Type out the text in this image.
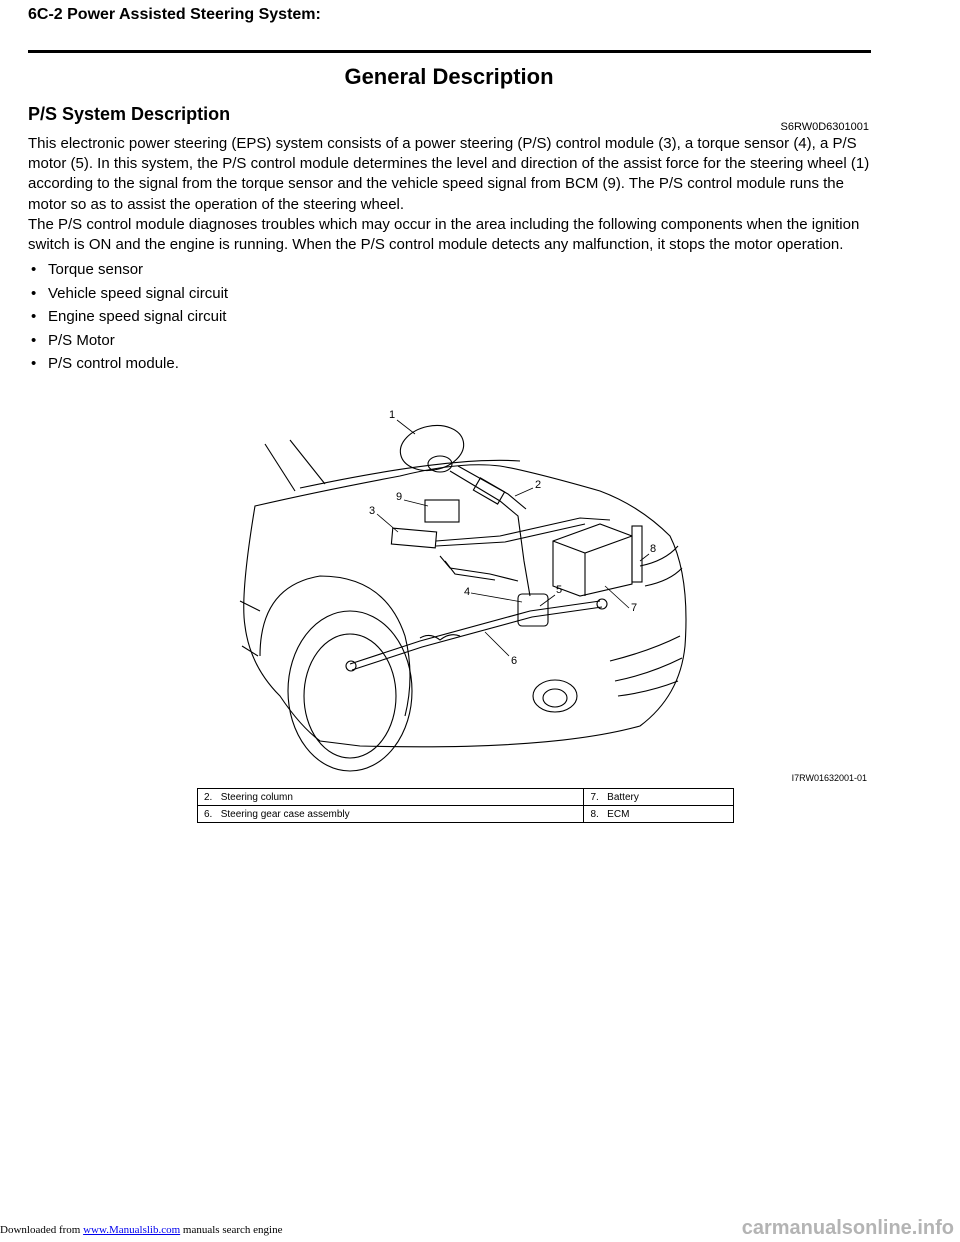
6C-2 Power Assisted Steering System:
General Description
P/S System Description
S6RW0D6301001

This electronic power steering (EPS) system consists of a power steering (P/S) control module (3), a torque sensor (4), a P/S motor (5). In this system, the P/S control module determines the level and direction of the assist force for the steering wheel (1) according to the signal from the torque sensor and the vehicle speed signal from BCM (9). The P/S control module runs the motor so as to assist the operation of the steering wheel.

The P/S control module diagnoses troubles which may occur in the area including the following components when the ignition switch is ON and the engine is running. When the P/S control module detects any malfunction, it stops the motor operation.

• Torque sensor
• Vehicle speed signal circuit
• Engine speed signal circuit
• P/S Motor
• P/S control module.
1
2
3
4	5
6
7
8
9
I7RW01632001-01
2. Steering column	7. Battery
6. Steering gear case assembly	8. ECM
Downloaded from www.Manualslib.com manuals search engine	carmanualsonline.info
